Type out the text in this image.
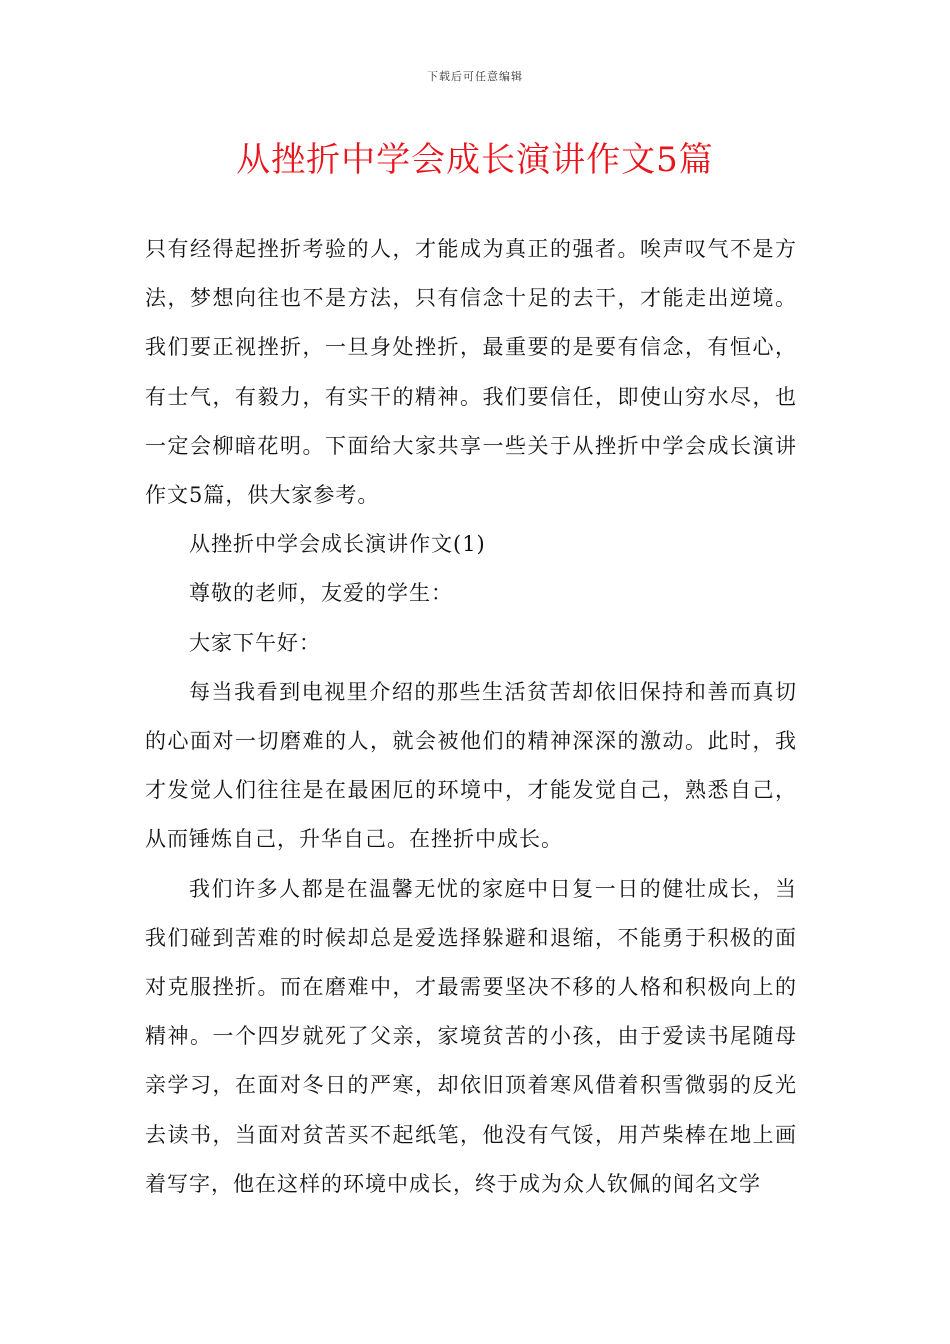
下载后可任意编辑
从挫折中学会成长演讲作文5篇

只有经得起挫折考验的人，才能成为真正的强者。唉声叹气不是方法，梦想向往也不是方法，只有信念十足的去干，才能走出逆境。我们要正视挫折，一旦身处挫折，最重要的是要有信念，有恒心，有士气，有毅力，有实干的精神。我们要信任，即使山穷水尽，也一定会柳暗花明。下面给大家共享一些关于从挫折中学会成长演讲作文5篇，供大家参考。

从挫折中学会成长演讲作文(1)

尊敬的老师，友爱的学生：

大家下午好：

每当我看到电视里介绍的那些生活贫苦却依旧保持和善而真切的心面对一切磨难的人，就会被他们的精神深深的激动。此时，我才发觉人们往往是在最困厄的环境中，才能发觉自己，熟悉自己，从而锤炼自己，升华自己。在挫折中成长。

我们许多人都是在温馨无忧的家庭中日复一日的健壮成长，当我们碰到苦难的时候却总是爱选择躲避和退缩，不能勇于积极的面对克服挫折。而在磨难中，才最需要坚决不移的人格和积极向上的精神。一个四岁就死了父亲，家境贫苦的小孩，由于爱读书尾随母亲学习，在面对冬日的严寒，却依旧顶着寒风借着积雪微弱的反光去读书，当面对贫苦买不起纸笔，他没有气馁，用芦柴棒在地上画着写字，他在这样的环境中成长，终于成为众人钦佩的闻名文学
